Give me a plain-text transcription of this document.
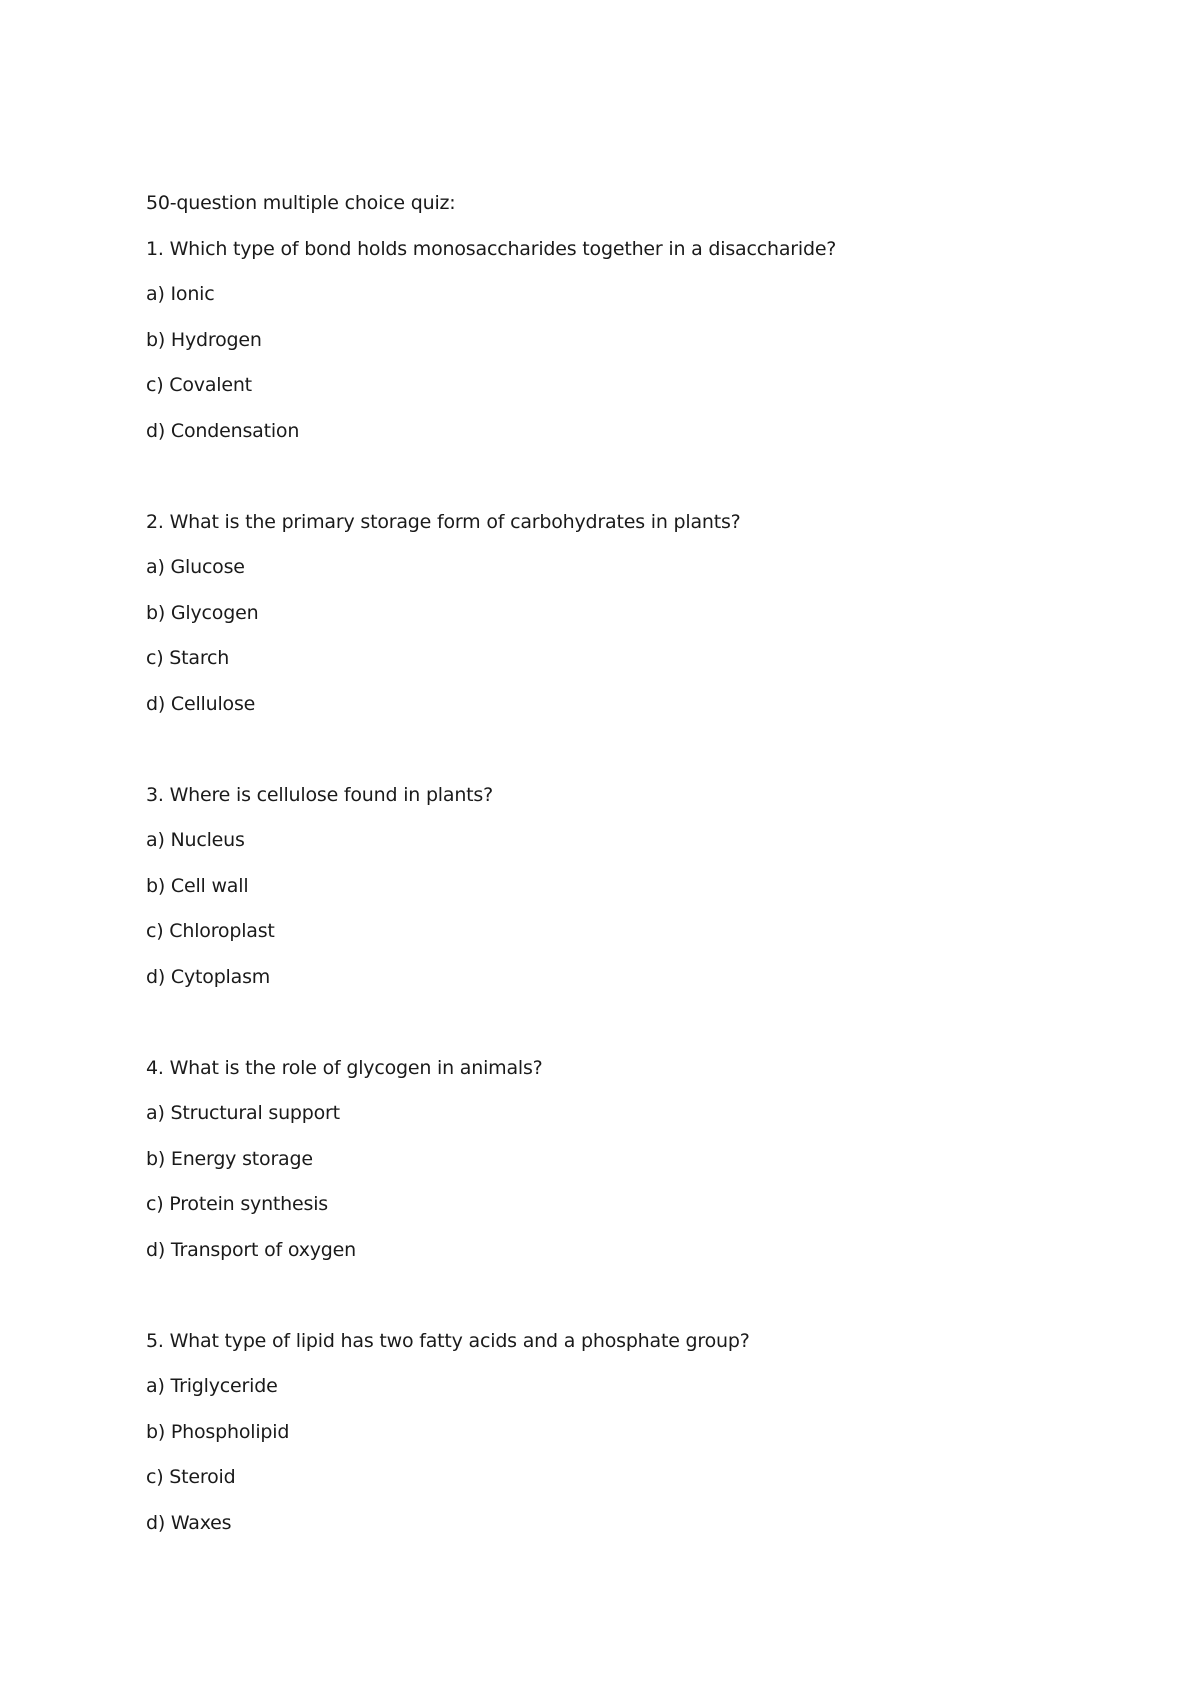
50-question multiple choice quiz:
1. Which type of bond holds monosaccharides together in a disaccharide?
a) Ionic
b) Hydrogen
c) Covalent
d) Condensation
2. What is the primary storage form of carbohydrates in plants?
a) Glucose
b) Glycogen
c) Starch
d) Cellulose
3. Where is cellulose found in plants?
a) Nucleus
b) Cell wall
c) Chloroplast
d) Cytoplasm
4. What is the role of glycogen in animals?
a) Structural support
b) Energy storage
c) Protein synthesis
d) Transport of oxygen
5. What type of lipid has two fatty acids and a phosphate group?
a) Triglyceride
b) Phospholipid
c) Steroid
d) Waxes
